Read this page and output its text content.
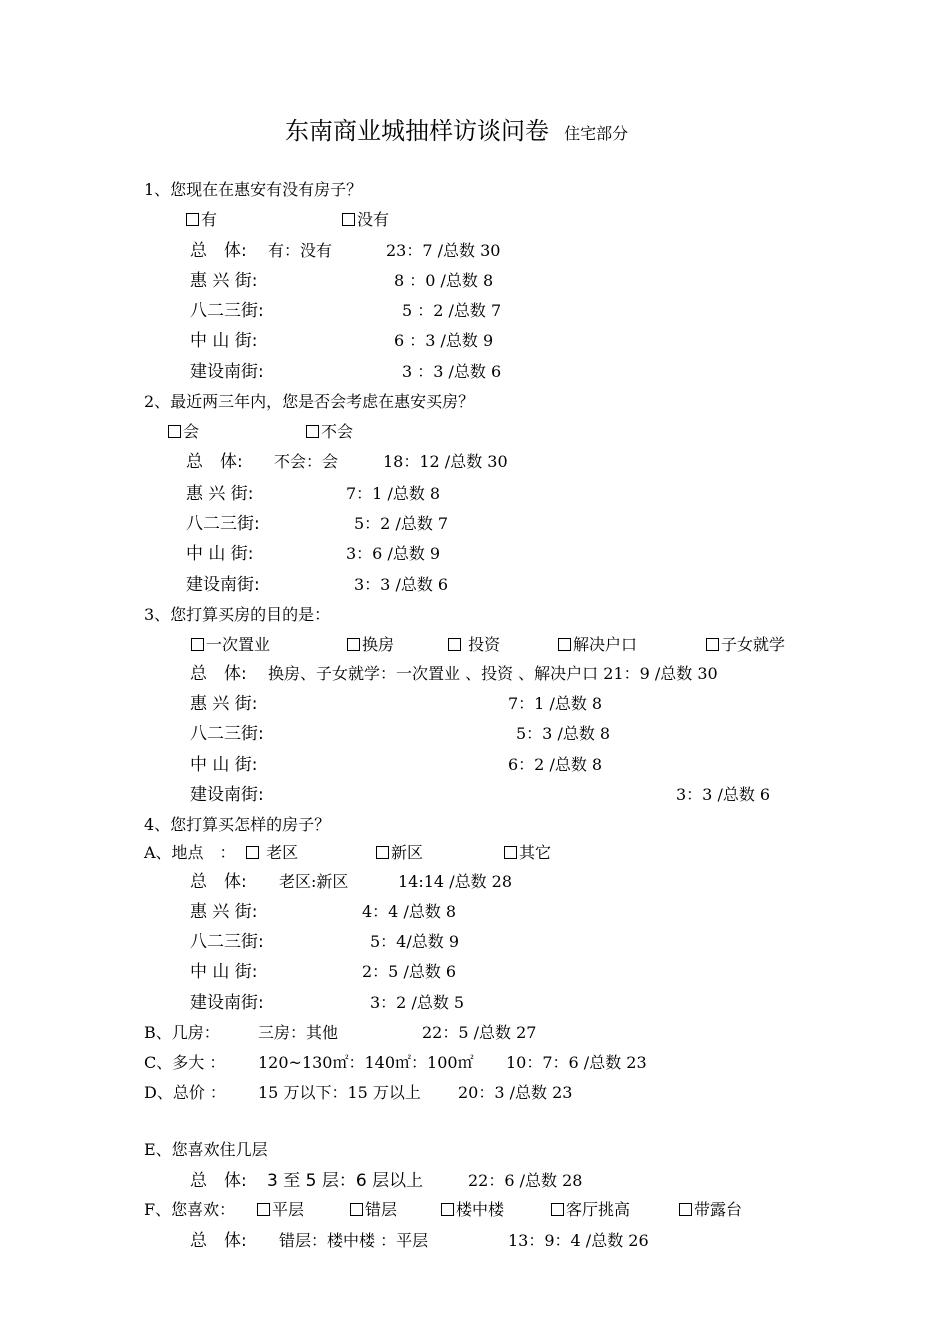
东南商业城抽样访谈问卷 住宅部分
1、您现在在惠安有没有房子？
有	没有
总　体: 有：没有	23：7 /总数 30
惠 兴 街:	8 ：0 /总数 8
八二三街:	5 ：2 /总数 7
中 山 街:	6 ：3 /总数 9
建设南街:	3 ：3 /总数 6
2、最近两三年内，您是否会考虑在惠安买房？
会	不会
总　体: 不会：会	18：12 /总数 30
惠 兴 街:	7：1 /总数 8
八二三街:	5：2 /总数 7
中 山 街:	3：6 /总数 9
建设南街:	3：3 /总数 6
3、您打算买房的目的是：
一次置业	换房	投资	解决户口	子女就学
总　体: 换房、子女就学：一次置业 、投资 、解决户口 21：9 /总数 30
惠 兴 街:	7：1 /总数 8
八二三街:	5：3 /总数 8
中 山 街:	6：2 /总数 8
建设南街:	3：3 /总数 6
4、您打算买怎样的房子？
A、地点　：	老区	新区	其它
总　体: 老区:新区	14:14 /总数 28
惠 兴 街:	4：4 /总数 8
八二三街:	5：4/总数 9
中 山 街:	2：5 /总数 6
建设南街:	3：2 /总数 5
B、几房： 三房：其他	22：5 /总数 27
C、多大 ： 120~130㎡：140㎡：100㎡ 10：7：6 /总数 23
D、总价 ： 15 万以下：15 万以上 20：3 /总数 23
E、您喜欢住几层
总　体: 3 至 5 层：6 层以上	22：6 /总数 28
F、您喜欢：	平层	错层	楼中楼	客厅挑高	带露台
总　体: 错层：楼中楼 ：平层	13：9：4 /总数 26
